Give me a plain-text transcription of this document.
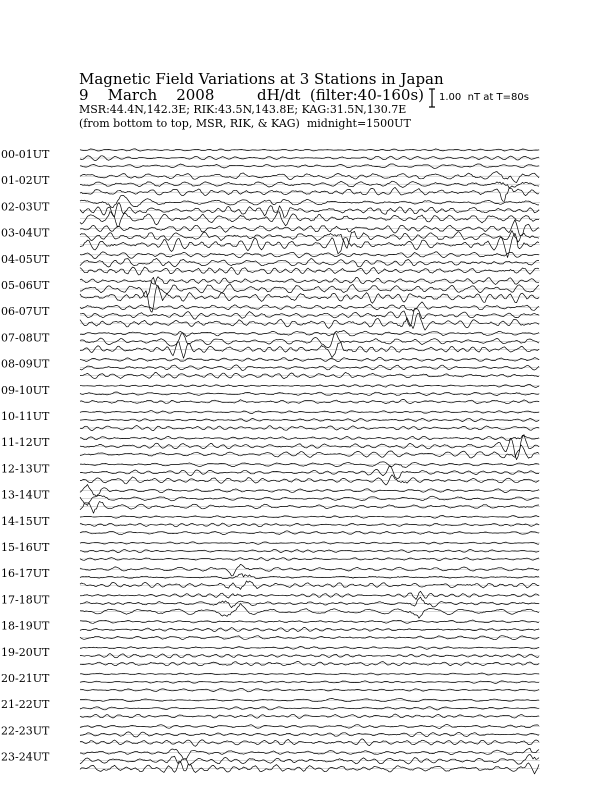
Magnetic Field Variations at 3 Stations in Japan
9    March    2008	dH/dt  (filter:40-160s)
MSR:44.4N,142.3E; RIK:43.5N,143.8E; KAG:31.5N,130.7E
(from bottom to top, MSR, RIK, & KAG)  midnight=1500UT
1.00  nT at T=80s
00-01UT
01-02UT
02-03UT
03-04UT
04-05UT
05-06UT
06-07UT
07-08UT
08-09UT
09-10UT
10-11UT
11-12UT
12-13UT
13-14UT
14-15UT
15-16UT
16-17UT
17-18UT
18-19UT
19-20UT
20-21UT
21-22UT
22-23UT
23-24UT
